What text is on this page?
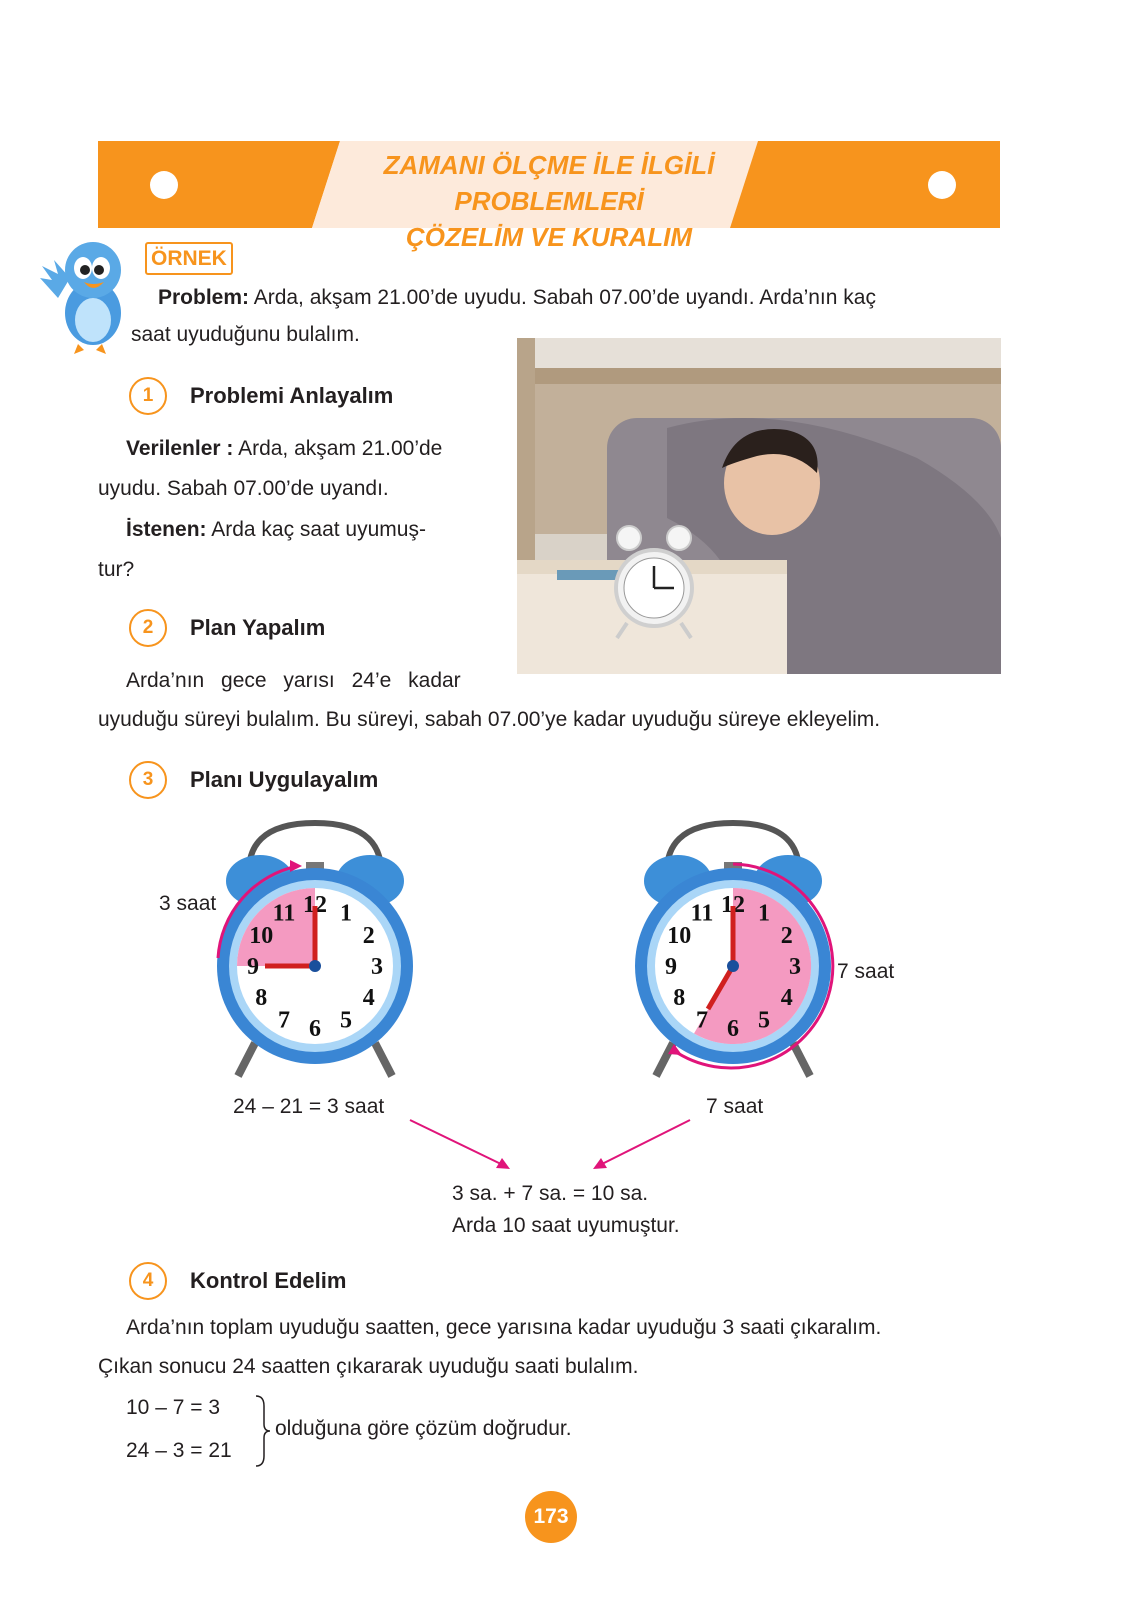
ZAMANI ÖLÇME İLE İLGİLİ PROBLEMLERİ
ÇÖZELİM VE KURALIM
ÖRNEK
Problem: Arda, akşam 21.00’de uyudu. Sabah 07.00’de uyandı. Arda’nın kaç
saat uyuduğunu bulalım.
1	Problemi Anlayalım
Verilenler : Arda, akşam 21.00’de
uyudu. Sabah 07.00’de uyandı.
İstenen: Arda kaç saat uyumuş-
tur?
2	Plan Yapalım
Arda’nın gece yarısı 24’e kadar
uyuduğu süreyi bulalım. Bu süreyi, sabah 07.00’ye kadar uyuduğu süreye ekleyelim.
3	Planı Uygulayalım
12 1
2
3
4
5
6
7
8
9
10
11
3 saat	12 1
2
3
4
5
6
7
8
9
10
11
7 saat
24 – 21 = 3 saat	7 saat
3 sa. + 7 sa. = 10 sa.
Arda 10 saat uyumuştur.
4	Kontrol Edelim
Arda’nın toplam uyuduğu saatten, gece yarısına kadar uyuduğu 3 saati çıkaralım.
Çıkan sonucu 24 saatten çıkararak uyuduğu saati bulalım.
10 – 7 = 3
24 – 3 = 21
olduğuna göre çözüm doğrudur.
173
